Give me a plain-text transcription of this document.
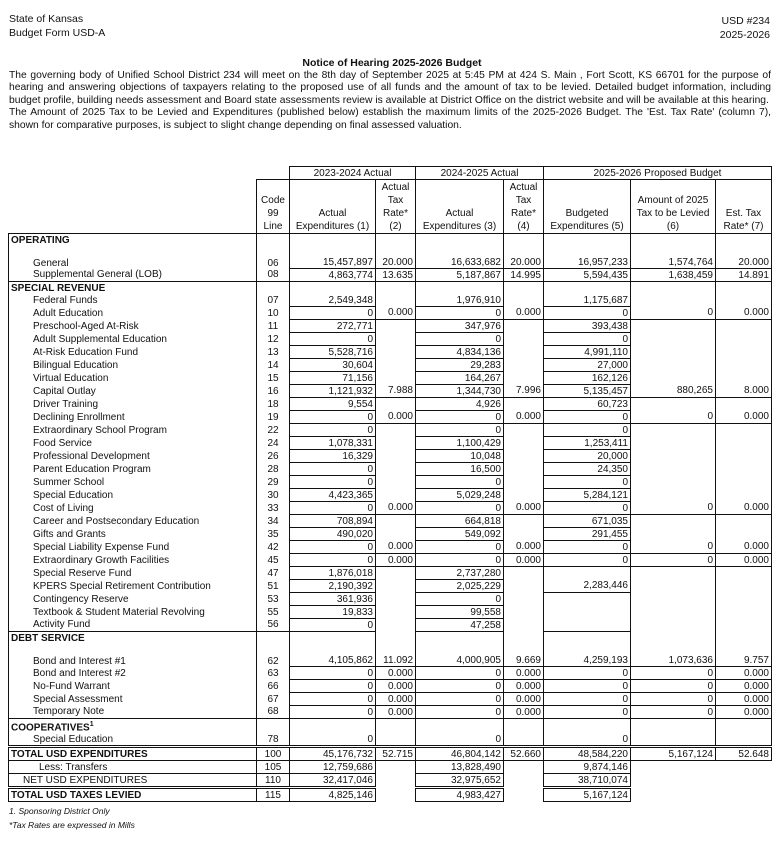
State of Kansas
Budget Form USD-A
USD #234
2025-2026
Notice of Hearing 2025-2026 Budget

The governing body of Unified School District 234 will meet on the 8th day of September 2025 at 5:45 PM at 424 S. Main , Fort Scott, KS 66701 for the purpose of hearing and answering objections of taxpayers relating to the proposed use of all funds and the amount of tax to be levied. Detailed budget information, including budget profile, building needs assessment and Board state assessments review is available at District Office on the district website and will be available at this hearing.

The Amount of 2025 Tax to be Levied and Expenditures (published below) establish the maximum limits of the 2025-2026 Budget. The 'Est. Tax Rate' (column 7), shown for comparative purposes, is subject to slight change depending on final assessed valuation.

		2023-2024 Actual		2024-2025 Actual		2025-2026 Proposed Budget		
	Code 99 Line	Actual Expenditures (1)	Actual Tax Rate* (2)	Actual Expenditures (3)	Actual Tax Rate* (4)	Budgeted Expenditures (5)	Amount of 2025 Tax to be Levied (6)	Est. Tax Rate* (7)
OPERATING								
General	06	15,457,897	20.000	16,633,682	20.000	16,957,233	1,574,764	20.000
Supplemental General (LOB)	08	4,863,774	13.635	5,187,867	14.995	5,594,435	1,638,459	14.891
SPECIAL REVENUE								
Federal Funds	07	2,549,348		1,976,910		1,175,687		
Adult Education	10	0	0.000	0	0.000	0	0	0.000
Preschool-Aged At-Risk	11	272,771		347,976		393,438		
Adult Supplemental Education	12	0		0		0		
At-Risk Education Fund	13	5,528,716		4,834,136		4,991,110		
Bilingual Education	14	30,604		29,283		27,000		
Virtual Education	15	71,156		164,267		162,126		
Capital Outlay	16	1,121,932	7.988	1,344,730	7.996	5,135,457	880,265	8.000
Driver Training	18	9,554		4,926		60,723		
Declining Enrollment	19	0	0.000	0	0.000	0	0	0.000
Extraordinary School Program	22	0		0		0		
Food Service	24	1,078,331		1,100,429		1,253,411		
Professional Development	26	16,329		10,048		20,000		
Parent Education Program	28	0		16,500		24,350		
Summer School	29	0		0		0		
Special Education	30	4,423,365		5,029,248		5,284,121		
Cost of Living	33	0	0.000	0	0.000	0	0	0.000
Career and Postsecondary Education	34	708,894		664,818		671,035		
Gifts and Grants	35	490,020		549,092		291,455		
Special Liability Expense Fund	42	0	0.000	0	0.000	0	0	0.000
Extraordinary Growth Facilities	45	0	0.000	0	0.000	0	0	0.000
Special Reserve Fund	47	1,876,018		2,737,280				
KPERS Special Retirement Contribution	51	2,190,392		2,025,229		2,283,446		
Contingency Reserve	53	361,936		0				
Textbook & Student Material Revolving	55	19,833		99,558				
Activity Fund	56	0		47,258				
DEBT SERVICE								
Bond and Interest #1	62	4,105,862	11.092	4,000,905	9.669	4,259,193	1,073,636	9.757
Bond and Interest #2	63	0	0.000	0	0.000	0	0	0.000
No-Fund Warrant	66	0	0.000	0	0.000	0	0	0.000
Special Assessment	67	0	0.000	0	0.000	0	0	0.000
Temporary Note	68	0	0.000	0	0.000	0	0	0.000
COOPERATIVES$^1$								
Special Education	78	0		0		0		
TOTAL USD EXPENDITURES	100	45,176,732	52.715	46,804,142	52.660	48,584,220	5,167,124	52.648
Less: Transfers	105	12,759,686		13,828,490		9,874,146		
NET USD EXPENDITURES	110	32,417,046		32,975,652		38,710,074		
TOTAL USD TAXES LEVIED	115	4,825,146		4,983,427		5,167,124		
1. Sponsoring District Only
*Tax Rates are expressed in Mills
